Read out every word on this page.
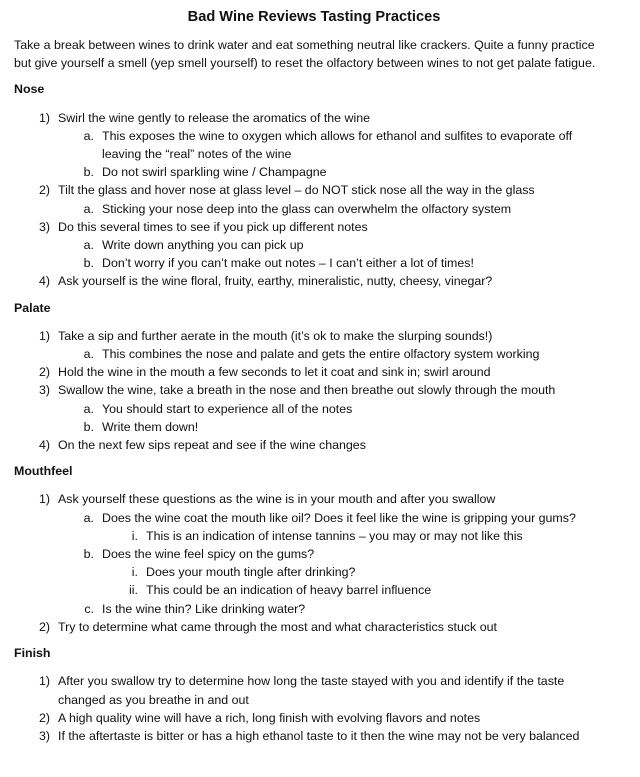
Bad Wine Reviews Tasting Practices

Take a break between wines to drink water and eat something neutral like crackers. Quite a funny practice but give yourself a smell (yep smell yourself) to reset the olfactory between wines to not get palate fatigue.

Nose
1) Swirl the wine gently to release the aromatics of the wine
a. This exposes the wine to oxygen which allows for ethanol and sulfites to evaporate off leaving the “real” notes of the wine
b. Do not swirl sparkling wine / Champagne
2) Tilt the glass and hover nose at glass level – do NOT stick nose all the way in the glass
a. Sticking your nose deep into the glass can overwhelm the olfactory system
3) Do this several times to see if you pick up different notes
a. Write down anything you can pick up
b. Don’t worry if you can’t make out notes – I can’t either a lot of times!
4) Ask yourself is the wine floral, fruity, earthy, mineralistic, nutty, cheesy, vinegar?
Palate
1) Take a sip and further aerate in the mouth (it’s ok to make the slurping sounds!)
a. This combines the nose and palate and gets the entire olfactory system working
2) Hold the wine in the mouth a few seconds to let it coat and sink in; swirl around
3) Swallow the wine, take a breath in the nose and then breathe out slowly through the mouth
a. You should start to experience all of the notes
b. Write them down!
4) On the next few sips repeat and see if the wine changes
Mouthfeel
1) Ask yourself these questions as the wine is in your mouth and after you swallow
a. Does the wine coat the mouth like oil? Does it feel like the wine is gripping your gums?
i. This is an indication of intense tannins – you may or may not like this
b. Does the wine feel spicy on the gums?
i. Does your mouth tingle after drinking?
ii. This could be an indication of heavy barrel influence
c. Is the wine thin? Like drinking water?
2) Try to determine what came through the most and what characteristics stuck out
Finish
1) After you swallow try to determine how long the taste stayed with you and identify if the taste changed as you breathe in and out
2) A high quality wine will have a rich, long finish with evolving flavors and notes
3) If the aftertaste is bitter or has a high ethanol taste to it then the wine may not be very balanced
